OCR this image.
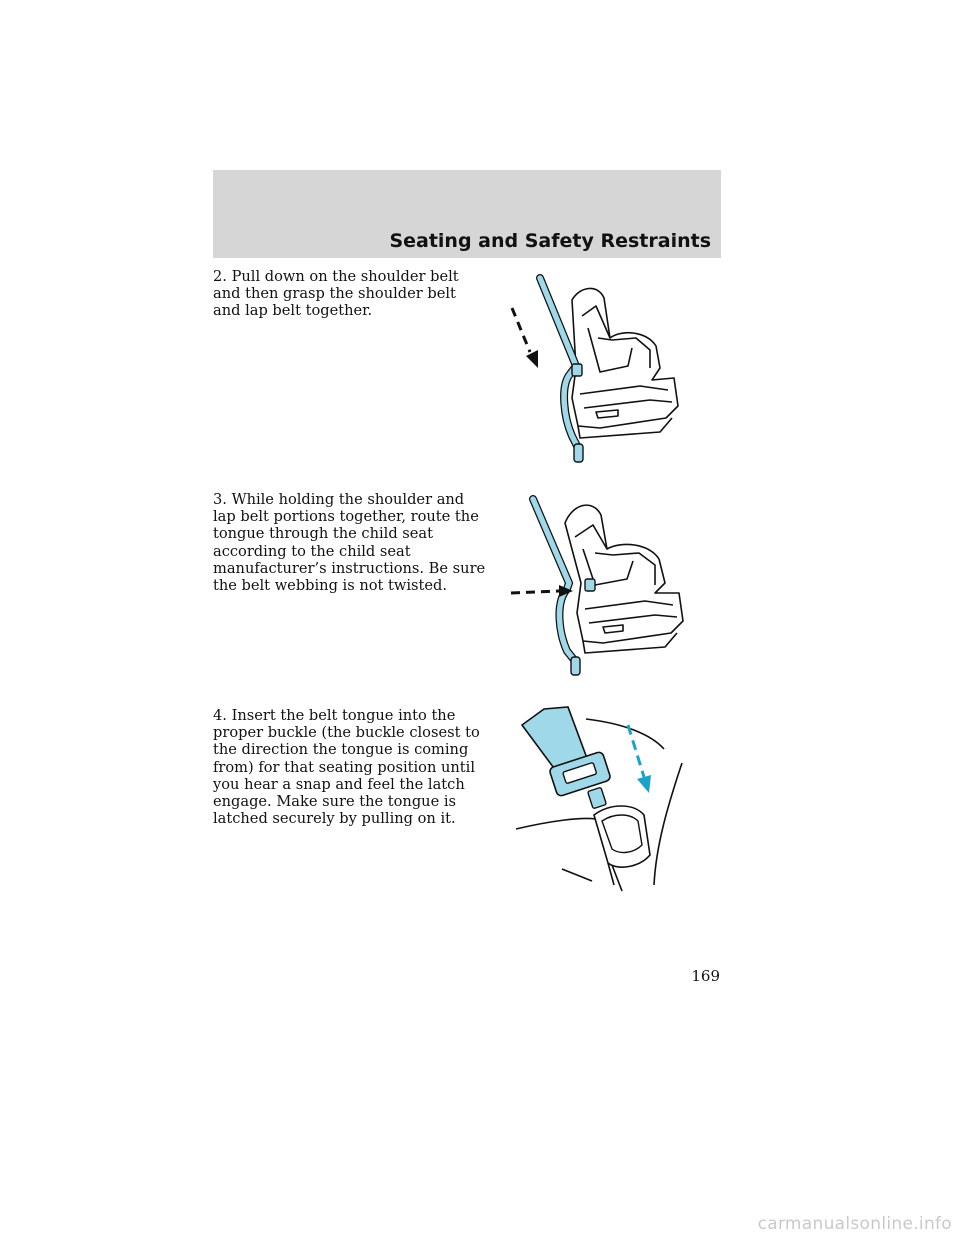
Seating and Safety Restraints

2. Pull down on the shoulder belt

and then grasp the shoulder belt

and lap belt together.

3. While holding the shoulder and

lap belt portions together, route the

tongue through the child seat

according to the child seat

manufacturer’s instructions. Be sure

the belt webbing is not twisted.

4. Insert the belt tongue into the

proper buckle (the buckle closest to

the direction the tongue is coming

from) for that seating position until

you hear a snap and feel the latch

engage. Make sure the tongue is

latched securely by pulling on it.

169
carmanualsonline.info
